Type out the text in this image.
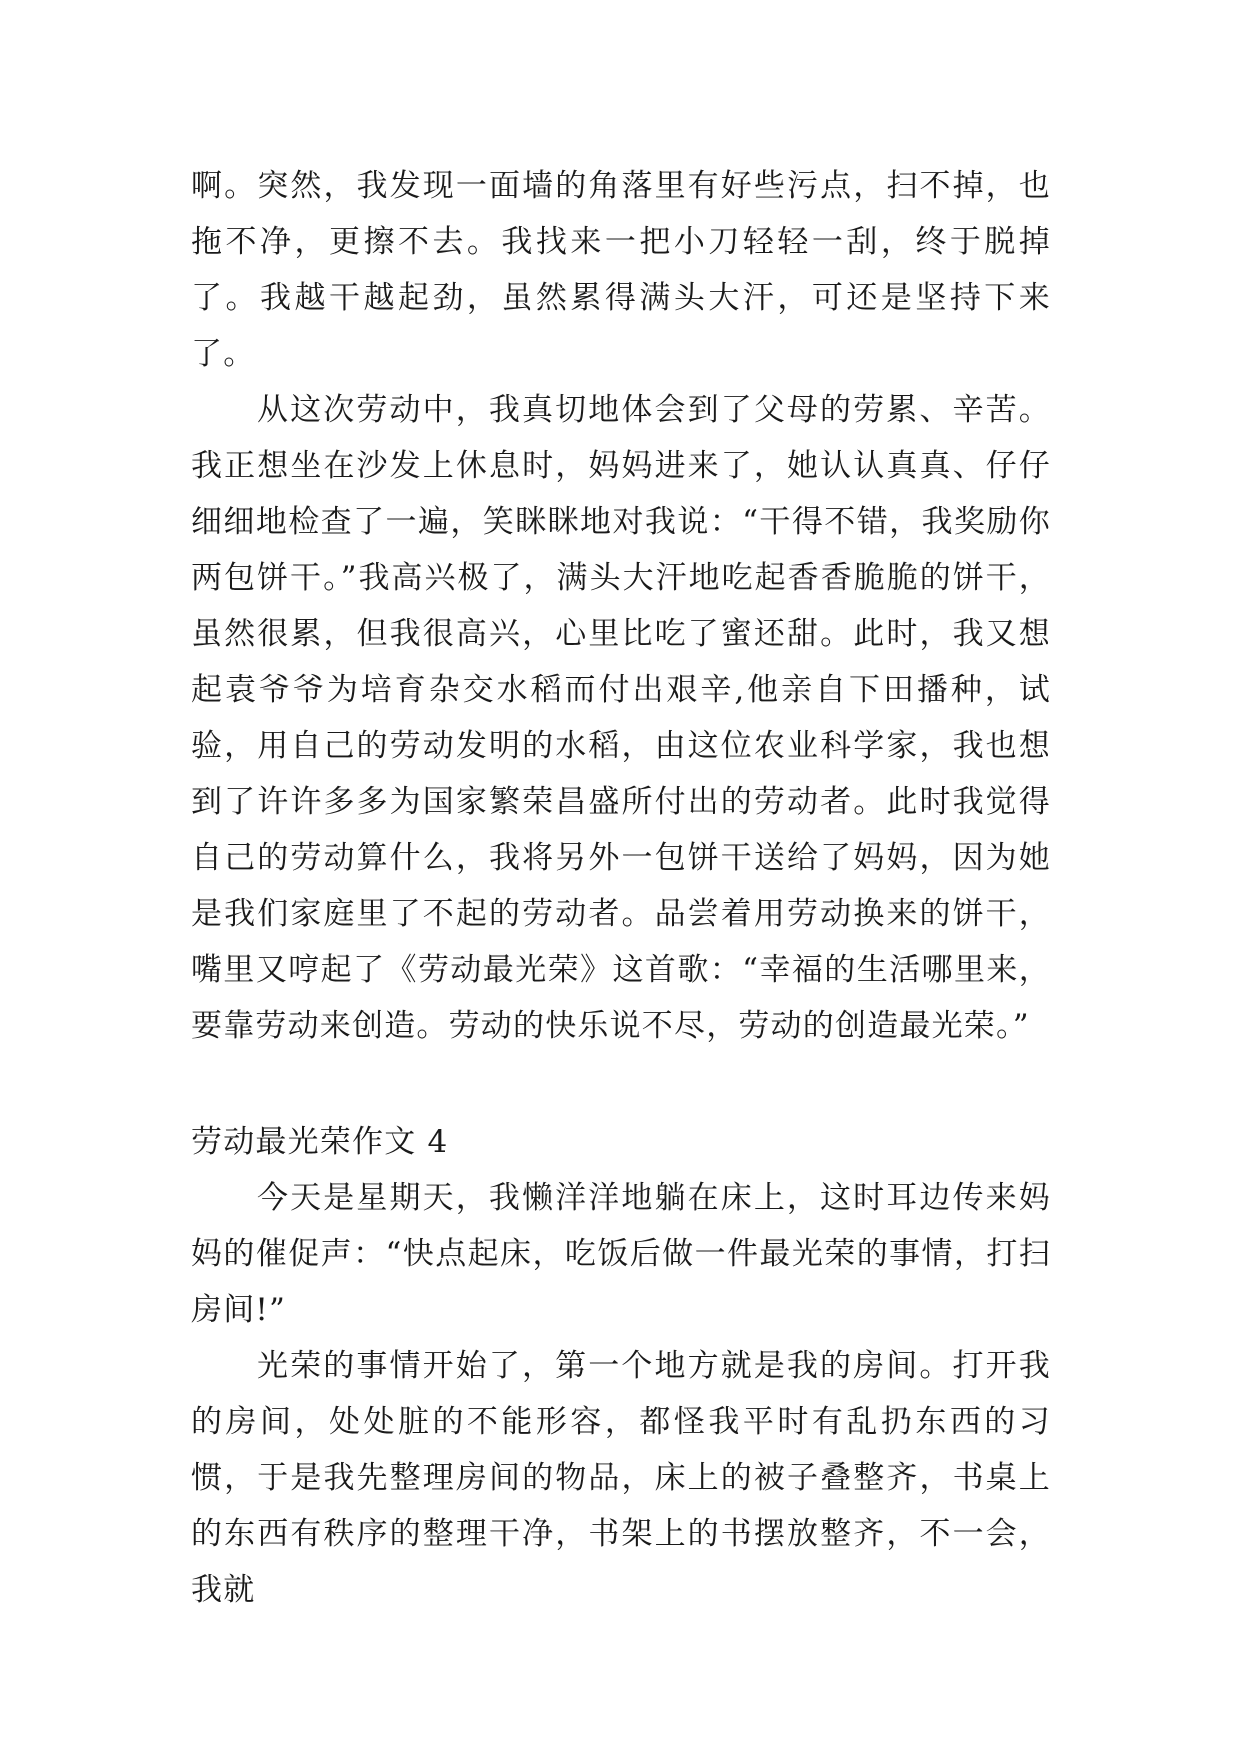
啊。突然，我发现一面墙的角落里有好些污点，扫不掉，也拖不净，更擦不去。我找来一把小刀轻轻一刮，终于脱掉了。我越干越起劲，虽然累得满头大汗，可还是坚持下来了。

从这次劳动中，我真切地体会到了父母的劳累、辛苦。我正想坐在沙发上休息时，妈妈进来了，她认认真真、仔仔细细地检查了一遍，笑眯眯地对我说：“干得不错，我奖励你两包饼干。”我高兴极了，满头大汗地吃起香香脆脆的饼干，虽然很累，但我很高兴，心里比吃了蜜还甜。此时，我又想起袁爷爷为培育杂交水稻而付出艰辛,他亲自下田播种，试验，用自己的劳动发明的水稻，由这位农业科学家，我也想到了许许多多为国家繁荣昌盛所付出的劳动者。此时我觉得自己的劳动算什么，我将另外一包饼干送给了妈妈，因为她是我们家庭里了不起的劳动者。品尝着用劳动换来的饼干，嘴里又哼起了《劳动最光荣》这首歌：“幸福的生活哪里来，要靠劳动来创造。劳动的快乐说不尽，劳动的创造最光荣。”

劳动最光荣作文 4

今天是星期天，我懒洋洋地躺在床上，这时耳边传来妈妈的催促声：“快点起床，吃饭后做一件最光荣的事情，打扫房间!”

光荣的事情开始了，第一个地方就是我的房间。打开我的房间，处处脏的不能形容，都怪我平时有乱扔东西的习惯，于是我先整理房间的物品，床上的被子叠整齐，书桌上的东西有秩序的整理干净，书架上的书摆放整齐，不一会，我就
